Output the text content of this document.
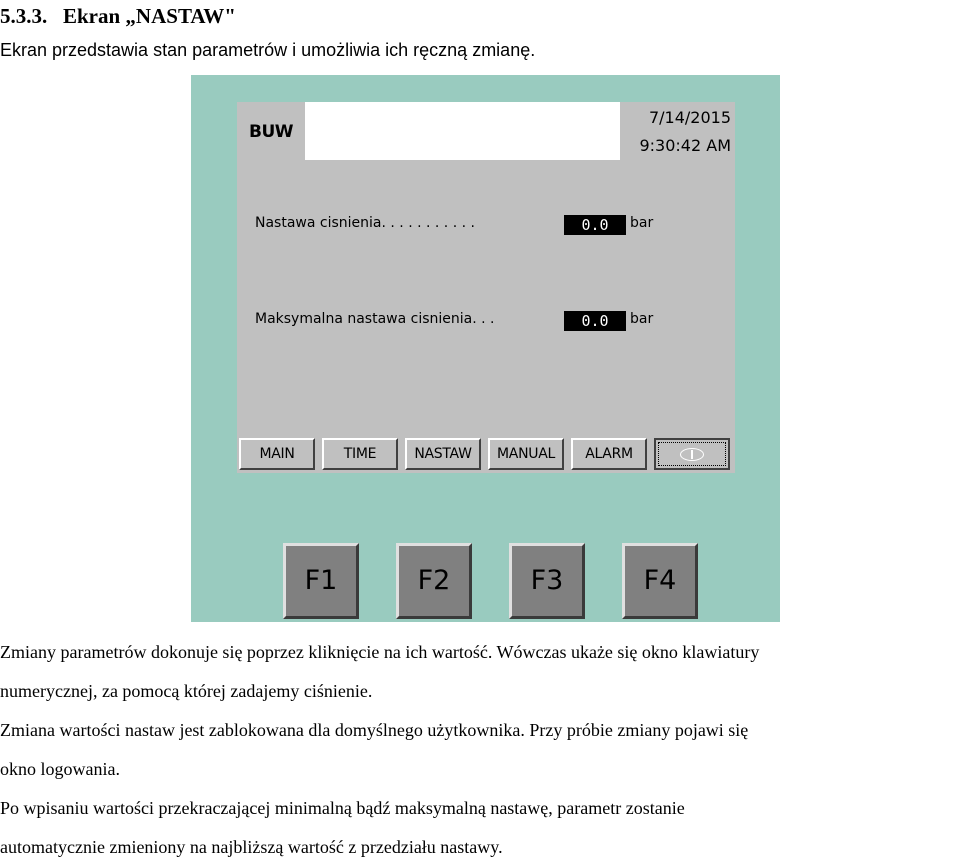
5.3.3.   Ekran „NASTAW"
Ekran przedstawia stan parametrów i umożliwia ich ręczną zmianę.
BUW
7/14/2015
9:30:42 AM
Nastawa cisnienia. . . . . . . . . . .	0.0	bar
Maksymalna nastawa cisnienia. . .	0.0	bar
MAIN	TIME	NASTAW	MANUAL	ALARM
F1	F2	F3	F4
Zmiany parametrów dokonuje się poprzez kliknięcie na ich wartość. Wówczas ukaże się okno klawiatury
numerycznej, za pomocą której zadajemy ciśnienie.
Zmiana wartości nastaw jest zablokowana dla domyślnego użytkownika. Przy próbie zmiany pojawi się
okno logowania.
Po wpisaniu wartości przekraczającej minimalną bądź maksymalną nastawę, parametr zostanie
automatycznie zmieniony na najbliższą wartość z przedziału nastawy.
